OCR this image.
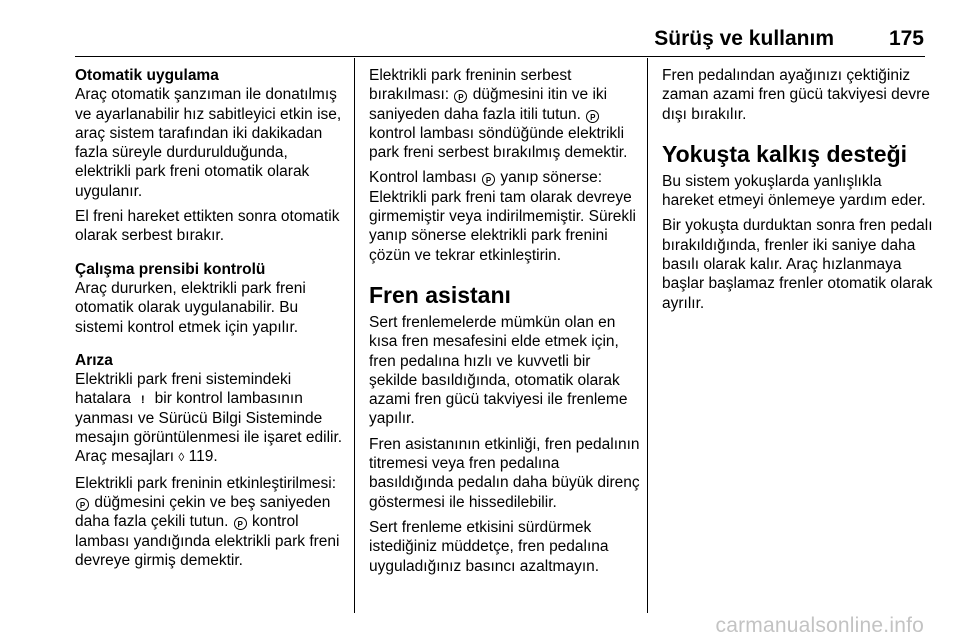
Sürüş ve kullanım	175
Otomatik uygulama

Araç otomatik şanzıman ile donatılmış ve ayarlanabilir hız sabitleyici etkin ise, araç sistem tarafından iki dakikadan fazla süreyle durdurulduğunda, elektrikli park freni otomatik olarak uygulanır.

El freni hareket ettikten sonra otomatik olarak serbest bırakır.

Çalışma prensibi kontrolü

Araç dururken, elektrikli park freni otomatik olarak uygulanabilir. Bu sistemi kontrol etmek için yapılır.

Arıza

Elektrikli park freni sistemindeki hatalara ! bir kontrol lambasının yanması ve Sürücü Bilgi Sisteminde mesajın görüntülenmesi ile işaret edilir. Araç mesajları ◊ 119.

Elektrikli park freninin etkinleştirilmesi: P düğmesini çekin ve beş saniyeden daha fazla çekili tutun. P kontrol lambası yandığında elektrikli park freni devreye girmiş demektir.

Elektrikli park freninin serbest bırakılması: P düğmesini itin ve iki saniyeden daha fazla itili tutun. P kontrol lambası söndüğünde elektrikli park freni serbest bırakılmış demektir.

Kontrol lambası P yanıp sönerse: Elektrikli park freni tam olarak devreye girmemiştir veya indirilmemiştir. Sürekli yanıp sönerse elektrikli park frenini çözün ve tekrar etkinleştirin.

Fren asistanı

Sert frenlemelerde mümkün olan en kısa fren mesafesini elde etmek için, fren pedalına hızlı ve kuvvetli bir şekilde basıldığında, otomatik olarak azami fren gücü takviyesi ile frenleme yapılır.

Fren asistanının etkinliği, fren pedalının titremesi veya fren pedalına basıldığında pedalın daha büyük direnç göstermesi ile hissedilebilir.

Sert frenleme etkisini sürdürmek istediğiniz müddetçe, fren pedalına uyguladığınız basıncı azaltmayın.

Fren pedalından ayağınızı çektiğiniz zaman azami fren gücü takviyesi devre dışı bırakılır.

Yokuşta kalkış desteği

Bu sistem yokuşlarda yanlışlıkla hareket etmeyi önlemeye yardım eder.

Bir yokuşta durduktan sonra fren pedalı bırakıldığında, frenler iki saniye daha basılı olarak kalır. Araç hızlanmaya başlar başlamaz frenler otomatik olarak ayrılır.

carmanualsonline.info
